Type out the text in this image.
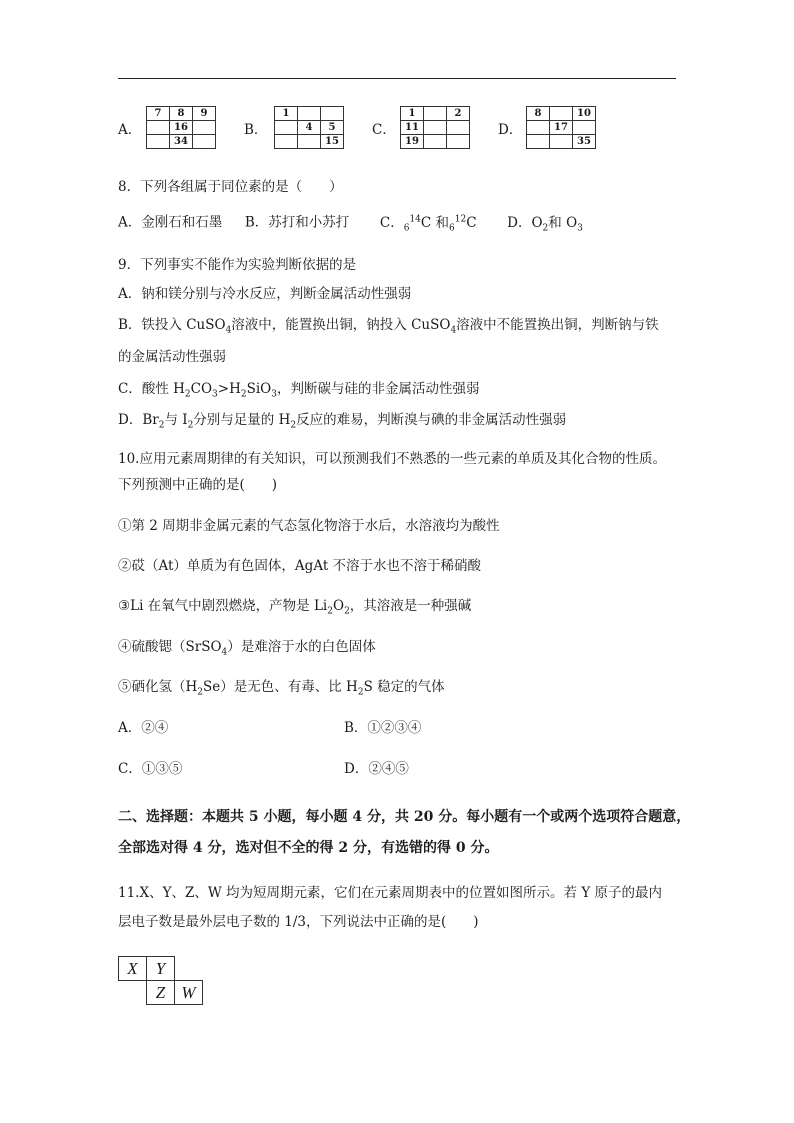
A．
7	8	9
	16	
	34	
B．
1		
	4	5
		15
C．
1		2
11		
19		
D．
8		10
	17	
		35
8．下列各组属于同位素的是（　　）
A．金刚石和石墨 B．苏打和小苏打 C．$_6^{14}$C 和$_6^{12}$C D．$O_2$和 $O_3$
9．下列事实不能作为实验判断依据的是
A．钠和镁分别与冷水反应，判断金属活动性强弱
B．铁投入 CuSO$_4$溶液中，能置换出铜，钠投入 CuSO$_4$溶液中不能置换出铜，判断钠与铁
的金属活动性强弱
C．酸性 $H_2CO_3>H_2SiO_3$，判断碳与硅的非金属活动性强弱
D．$Br_2$与 $I_2$分别与足量的 $H_2$反应的难易，判断溴与碘的非金属活动性强弱
10.应用元素周期律的有关知识，可以预测我们不熟悉的一些元素的单质及其化合物的性质。
下列预测中正确的是(　　)
①第 2 周期非金属元素的气态氢化物溶于水后，水溶液均为酸性
②砹（At）单质为有色固体，AgAt 不溶于水也不溶于稀硝酸
③Li 在氧气中剧烈燃烧，产物是 $Li_2O_2$，其溶液是一种强碱
④硫酸锶（SrSO$_4$）是难溶于水的白色固体
⑤硒化氢$(H_2Se)$是无色、有毒、比 $H_2S$ 稳定的气体
A．②④	B．①②③④
C．①③⑤	D．②④⑤
二、选择题：本题共 5 小题，每小题 4 分，共 20 分。每小题有一个或两个选项符合题意，
全部选对得 4 分，选对但不全的得 2 分，有选错的得 0 分。
11.X、Y、Z、W 均为短周期元素，它们在元素周期表中的位置如图所示。若 Y 原子的最内
层电子数是最外层电子数的 1/3，下列说法中正确的是(　　)
X	Y	
	Z	W
